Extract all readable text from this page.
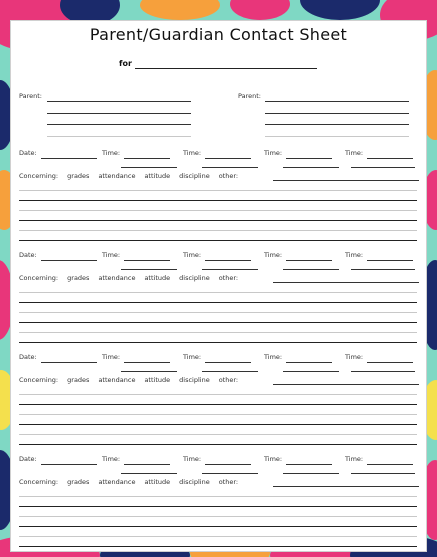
Parent/Guardian Contact Sheet
for
Parent:	Parent:
Date:	Time:	Time:	Time:	Time:
Concerning: grades attendance attitude discipline other:
Date:	Time:	Time:	Time:	Time:
Concerning: grades attendance attitude discipline other:
Date:	Time:	Time:	Time:	Time:
Concerning: grades attendance attitude discipline other:
Date:	Time:	Time:	Time:	Time:
Concerning: grades attendance attitude discipline other:
